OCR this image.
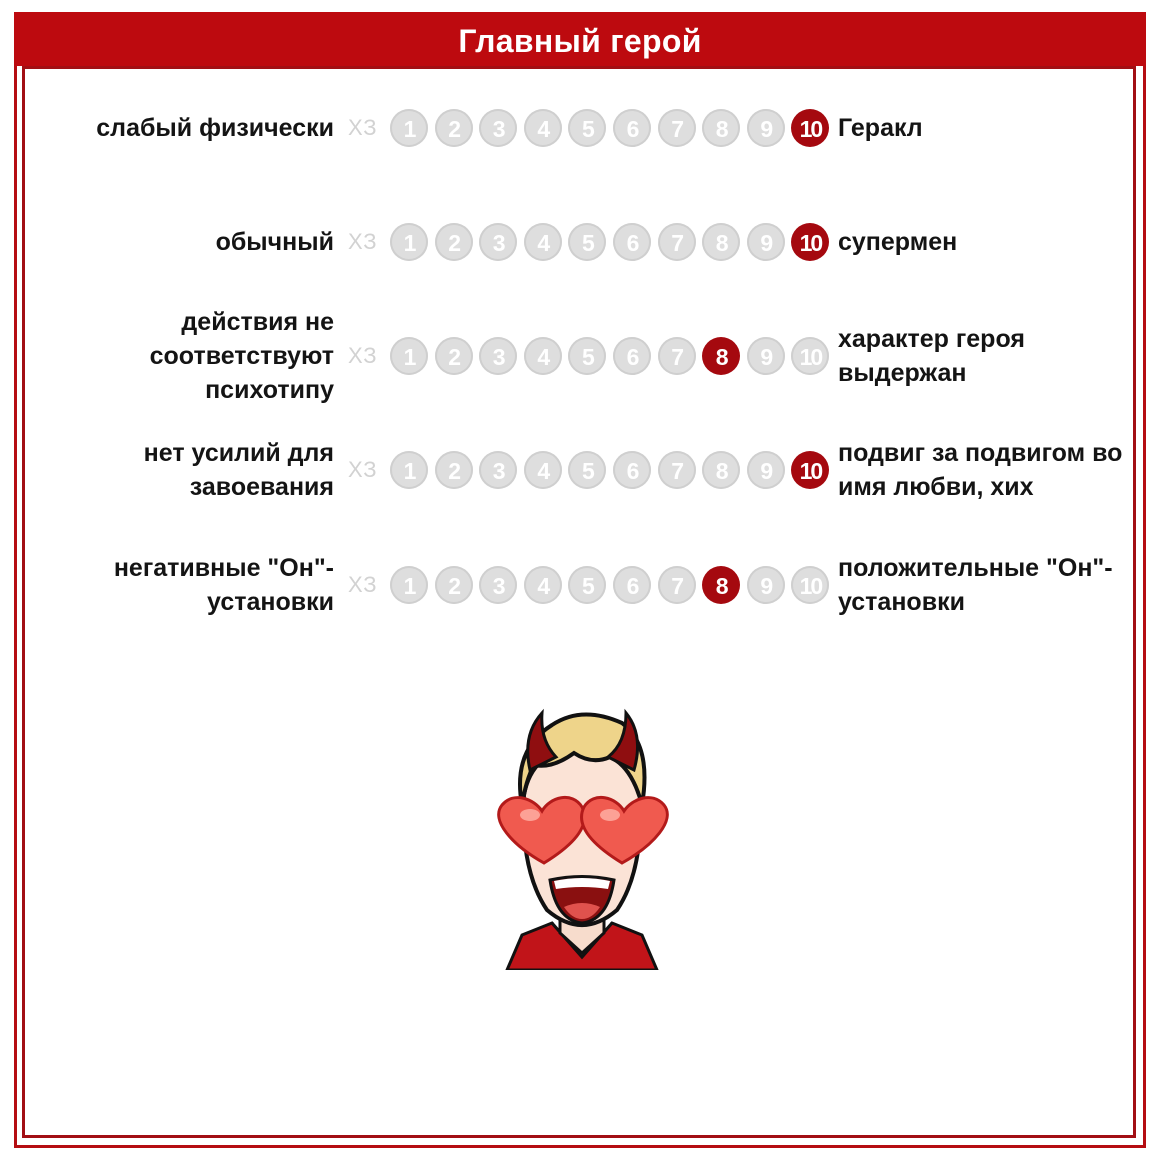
Главный герой
слабый физически ХЗ 1 2 3 4 5 6 7 8 9 10 Геракл
обычный ХЗ 1 2 3 4 5 6 7 8 9 10 супермен
действия не соответствуют психотипу
ХЗ 1 2 3 4 5 6 7 8 9 10
характер героя выдержан
нет усилий для завоевания
ХЗ 1 2 3 4 5 6 7 8 9 10
подвиг за подвигом во имя любви, хих
негативные "Он"-установки
ХЗ 1 2 3 4 5 6 7 8 9 10
положительные "Он"-установки
